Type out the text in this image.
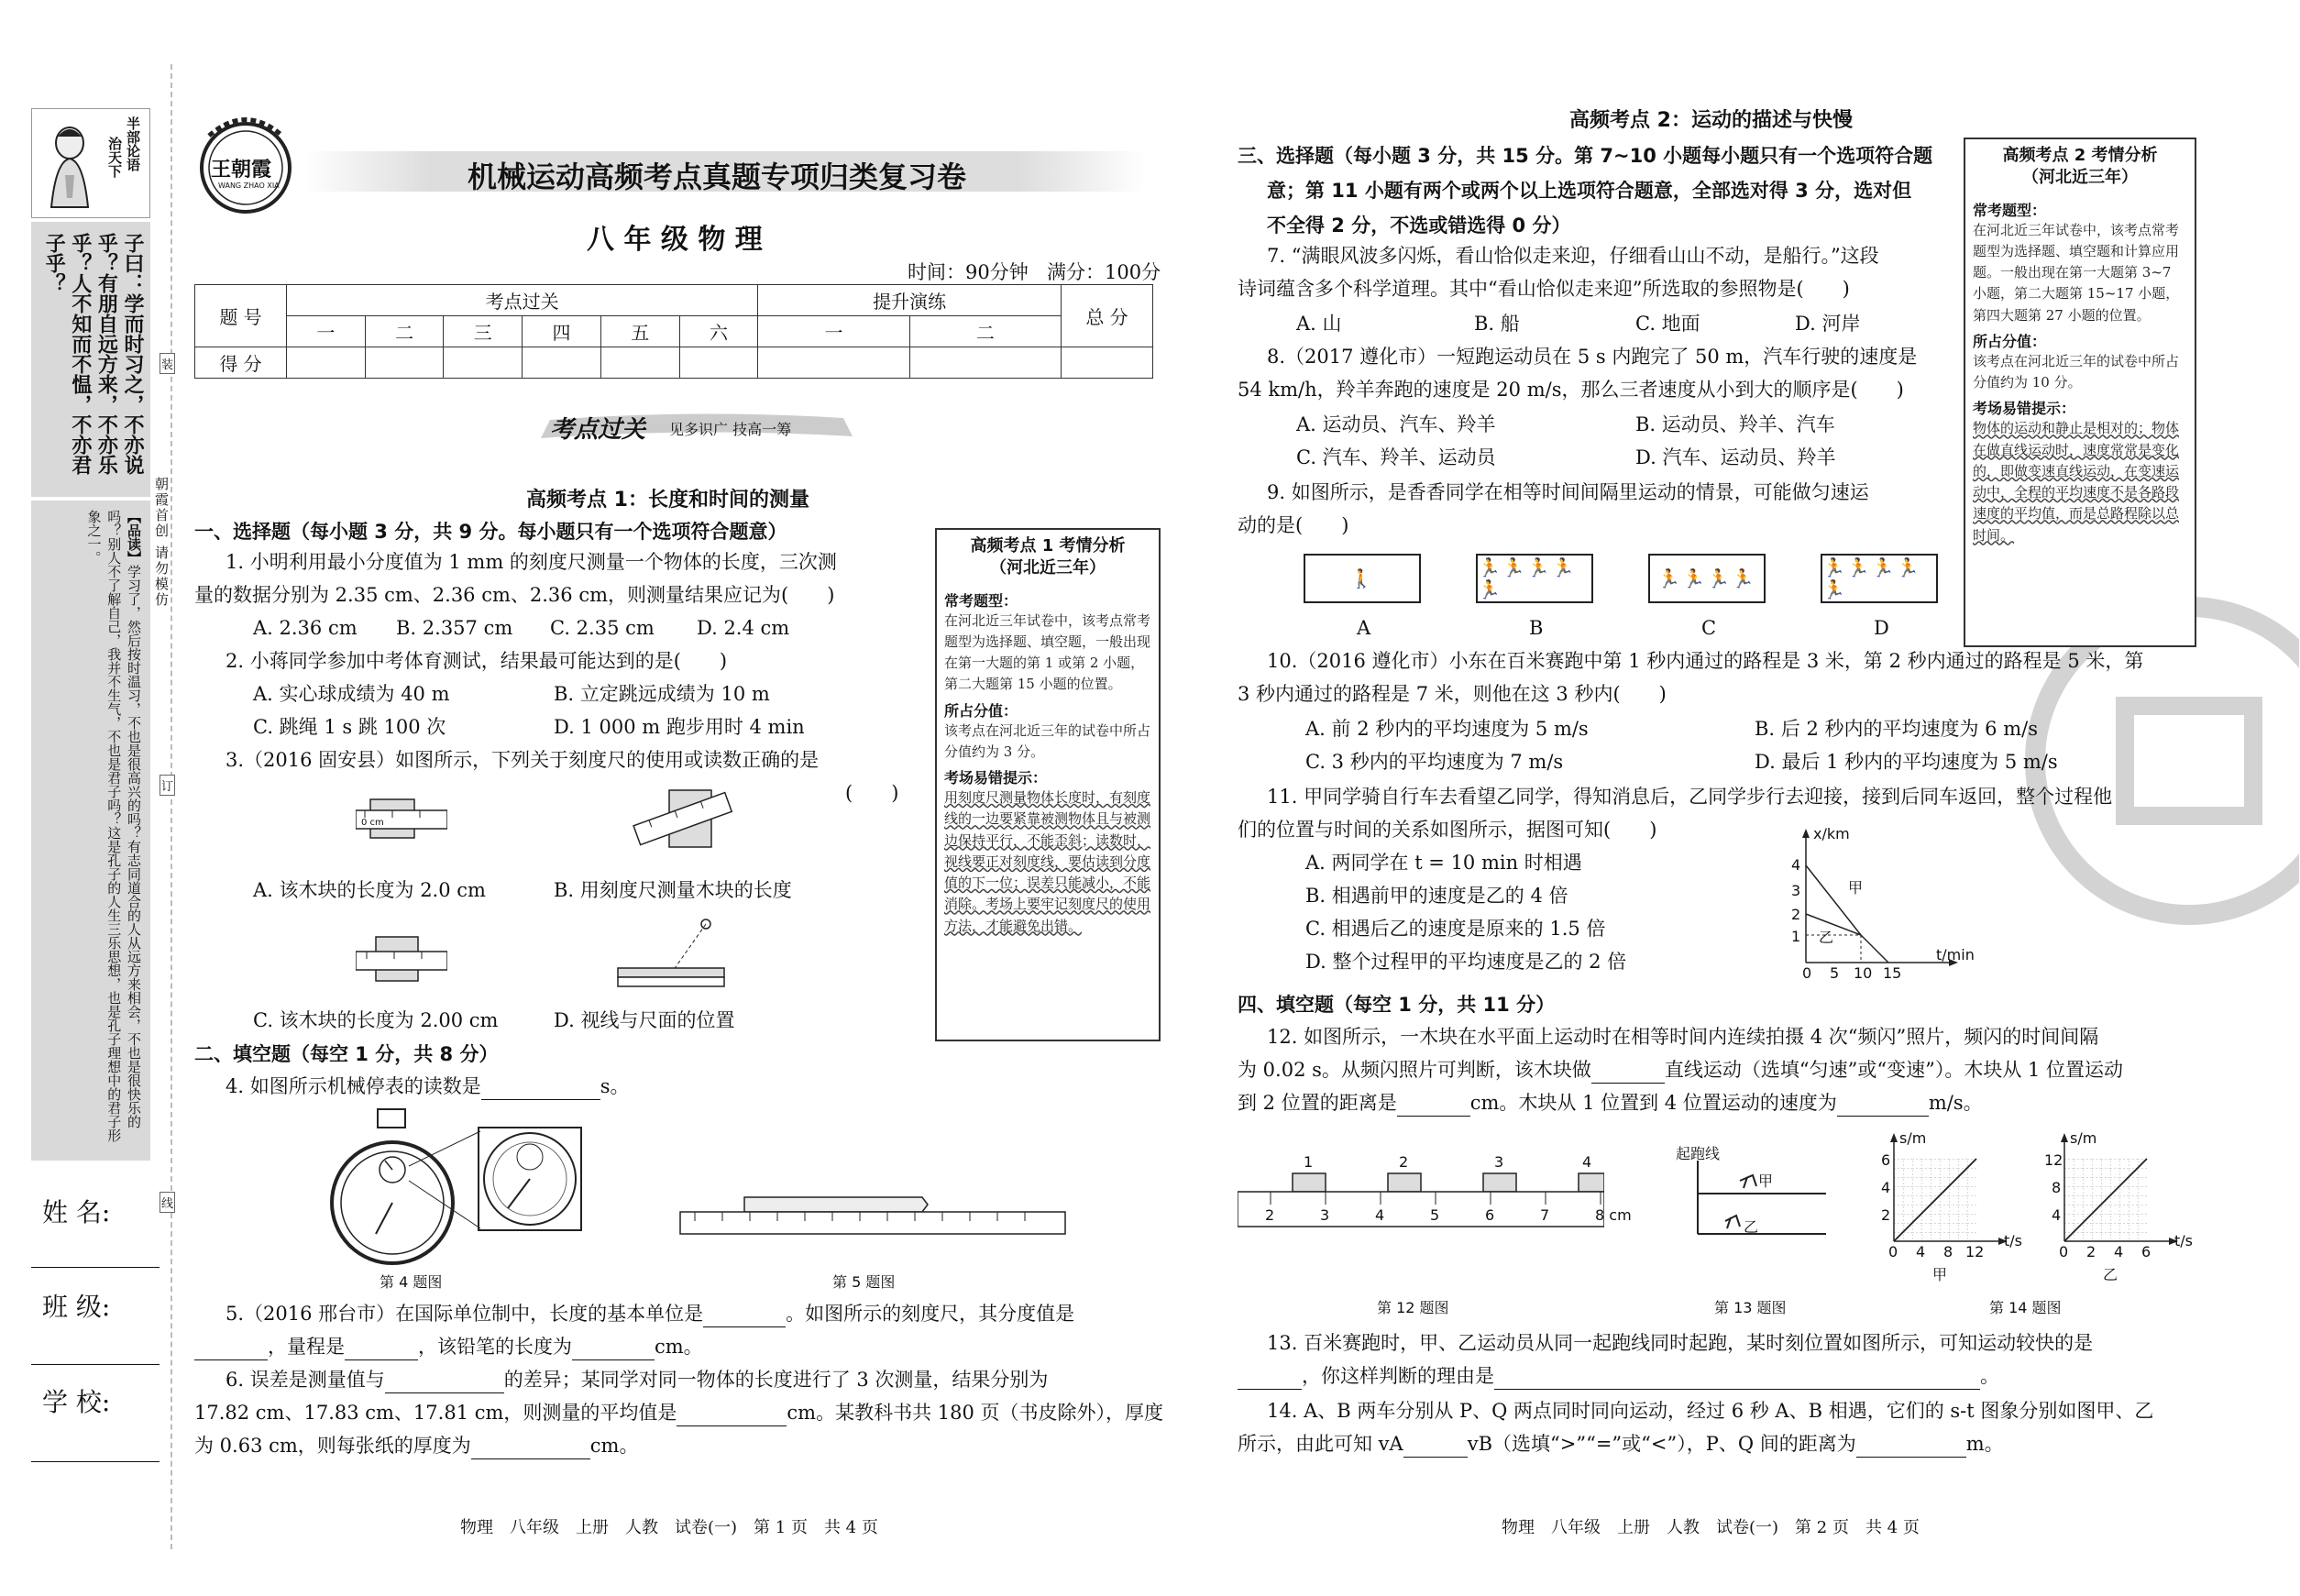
半部论语
治天下
子曰：学而时习之，不亦说乎？有朋自远方来，不亦乐乎？人不知而不愠，不亦君子乎？
【品读】学习了，然后按时温习，不也是很高兴的吗？有志同道合的人从远方来相会，不也是很快乐的吗？别人不了解自己，我并不生气，不也是君子吗？这是孔子的人生三乐思想，也是孔子理想中的君子形象之一。	朝霞首创 请勿模仿
装
订
线
姓 名:
班 级:
学 校:
王朝霞
WANG ZHAO XIA	机械运动高频考点真题专项归类复习卷
八 年 级 物 理
时间：90分钟 满分：100分
题 号	考点过关						提升演练		总 分
	一	二	三	四	五	六	一	二	
得 分									
考点过关 见多识广 技高一筹
高频考点 1：长度和时间的测量
一、选择题（每小题 3 分，共 9 分。每小题只有一个选项符合题意）
1. 小明利用最小分度值为 1 mm 的刻度尺测量一个物体的长度，三次测
量的数据分别为 2.35 cm、2.36 cm、2.36 cm，则测量结果应记为(　　)
A. 2.36 cm B. 2.357 cm C. 2.35 cm D. 2.4 cm
2. 小蒋同学参加中考体育测试，结果最可能达到的是(　　)
A. 实心球成绩为 40 m	B. 立定跳远成绩为 10 m
C. 跳绳 1 s 跳 100 次	D. 1 000 m 跑步用时 4 min
3.（2016 固安县）如图所示，下列关于刻度尺的使用或读数正确的是
(　　)
0 cm
A. 该木块的长度为 2.0 cm	B. 用刻度尺测量木块的长度
C. 该木块的长度为 2.00 cm	D. 视线与尺面的位置
二、填空题（每空 1 分，共 8 分）
4. 如图所示机械停表的读数是	s。
第 4 题图	第 5 题图
5.（2016 邢台市）在国际单位制中，长度的基本单位是	。如图所示的刻度尺，其分度值是
，量程是	，该铅笔的长度为	cm。
6. 误差是测量值与	的差异；某同学对同一物体的长度进行了 3 次测量，结果分别为
17.82 cm、17.83 cm、17.81 cm，则测量的平均值是	cm。某教科书共 180 页（书皮除外），厚度
为 0.63 cm，则每张纸的厚度为	cm。
高频考点 1 考情分析
（河北近三年）
常考题型：
在河北近三年试卷中，该考点常考题型为选择题、填空题，一般出现在第一大题的第 1 或第 2 小题，第二大题第 15 小题的位置。
所占分值：
该考点在河北近三年的试卷中所占分值约为 3 分。
考场易错提示：
用刻度尺测量物体长度时，有刻度线的一边要紧靠被测物体且与被测边保持平行，不能歪斜；读数时，视线要正对刻度线，要估读到分度值的下一位；误差只能减小，不能消除。考场上要牢记刻度尺的使用方法，才能避免出错。
物理　八年级　上册　人教　试卷(一)　第 1 页　共 4 页
高频考点 2：运动的描述与快慢
三、选择题（每小题 3 分，共 15 分。第 7~10 小题每小题只有一个选项符合题
意；第 11 小题有两个或两个以上选项符合题意，全部选对得 3 分，选对但
不全得 2 分，不选或错选得 0 分）
7. “满眼风波多闪烁，看山恰似走来迎，仔细看山山不动，是船行。”这段
诗词蕴含多个科学道理。其中“看山恰似走来迎”所选取的参照物是(　　)
A. 山	B. 船	C. 地面	D. 河岸
8.（2017 遵化市）一短跑运动员在 5 s 内跑完了 50 m，汽车行驶的速度是
54 km/h，羚羊奔跑的速度是 20 m/s，那么三者速度从小到大的顺序是(　　)
A. 运动员、汽车、羚羊	B. 运动员、羚羊、汽车
C. 汽车、羚羊、运动员	D. 汽车、运动员、羚羊
9. 如图所示，是香香同学在相等时间间隔里运动的情景，可能做匀速运
动的是(　　)
🚶	🏃🏃🏃🏃🏃	🏃🏃🏃🏃	🏃🏃🏃🏃🏃
A	B	C	D
10.（2016 遵化市）小东在百米赛跑中第 1 秒内通过的路程是 3 米，第 2 秒内通过的路程是 5 米，第
3 秒内通过的路程是 7 米，则他在这 3 秒内(　　)
A. 前 2 秒内的平均速度为 5 m/s	B. 后 2 秒内的平均速度为 6 m/s
C. 3 秒内的平均速度为 7 m/s	D. 最后 1 秒内的平均速度为 5 m/s
11. 甲同学骑自行车去看望乙同学，得知消息后，乙同学步行去迎接，接到后同车返回，整个过程他
们的位置与时间的关系如图所示，据图可知(　　)
A. 两同学在 t = 10 min 时相遇
B. 相遇前甲的速度是乙的 4 倍
C. 相遇后乙的速度是原来的 1.5 倍
D. 整个过程甲的平均速度是乙的 2 倍
x/km
t/min
4
3
2
1
0 5 10 15
甲
乙
四、填空题（每空 1 分，共 11 分）
12. 如图所示，一木块在水平面上运动时在相等时间内连续拍摄 4 次“频闪”照片，频闪的时间间隔
为 0.02 s。从频闪照片可判断，该木块做	直线运动（选填“匀速”或“变速”）。木块从 1 位置运动
到 2 位置的距离是	cm。木块从 1 位置到 4 位置运动的速度为	m/s。
1	2	3	4
2	3	4	5	6	7	8 cm
起跑线
甲
乙
s/m
t/s
6
4
2
0 4 8 12
甲
s/m
t/s
12
8
4
0 2 4 6
乙
第 12 题图	第 13 题图	第 14 题图
13. 百米赛跑时，甲、乙运动员从同一起跑线同时起跑，某时刻位置如图所示，可知运动较快的是
，你这样判断的理由是	。
14. A、B 两车分别从 P、Q 两点同时同向运动，经过 6 秒 A、B 相遇，它们的 s-t 图象分别如图甲、乙
所示，由此可知 vA	vB（选填“>”“=”或“<”），P、Q 间的距离为	m。
高频考点 2 考情分析
（河北近三年）
常考题型：
在河北近三年试卷中，该考点常考题型为选择题、填空题和计算应用题。一般出现在第一大题第 3~7 小题，第二大题第 15~17 小题，第四大题第 27 小题的位置。
所占分值：
该考点在河北近三年的试卷中所占分值约为 10 分。
考场易错提示：
物体的运动和静止是相对的；物体在做直线运动时，速度常常是变化的，即做变速直线运动，在变速运动中，全程的平均速度不是各路段速度的平均值，而是总路程除以总时间。
物理　八年级　上册　人教　试卷(一)　第 2 页　共 4 页
